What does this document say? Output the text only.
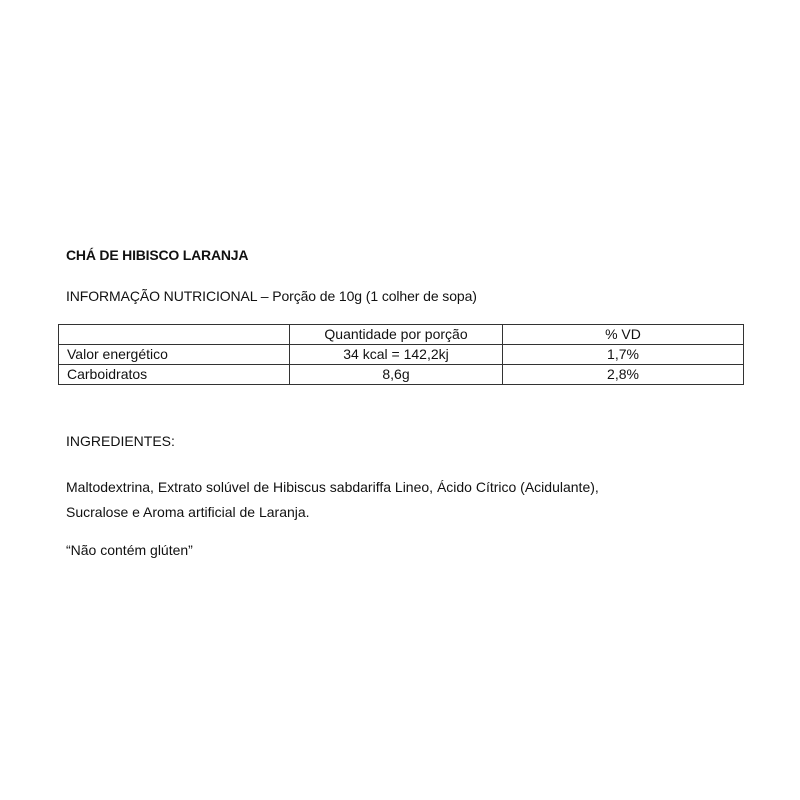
CHÁ DE HIBISCO LARANJA
INFORMAÇÃO NUTRICIONAL – Porção de 10g (1 colher de sopa)
	Quantidade por porção	% VD
Valor energético	34 kcal = 142,2kj	1,7%
Carboidratos	8,6g	2,8%
INGREDIENTES:
Maltodextrina, Extrato solúvel de Hibiscus sabdariffa Lineo, Ácido Cítrico (Acidulante),
Sucralose e Aroma artificial de Laranja.
“Não contém glúten”
